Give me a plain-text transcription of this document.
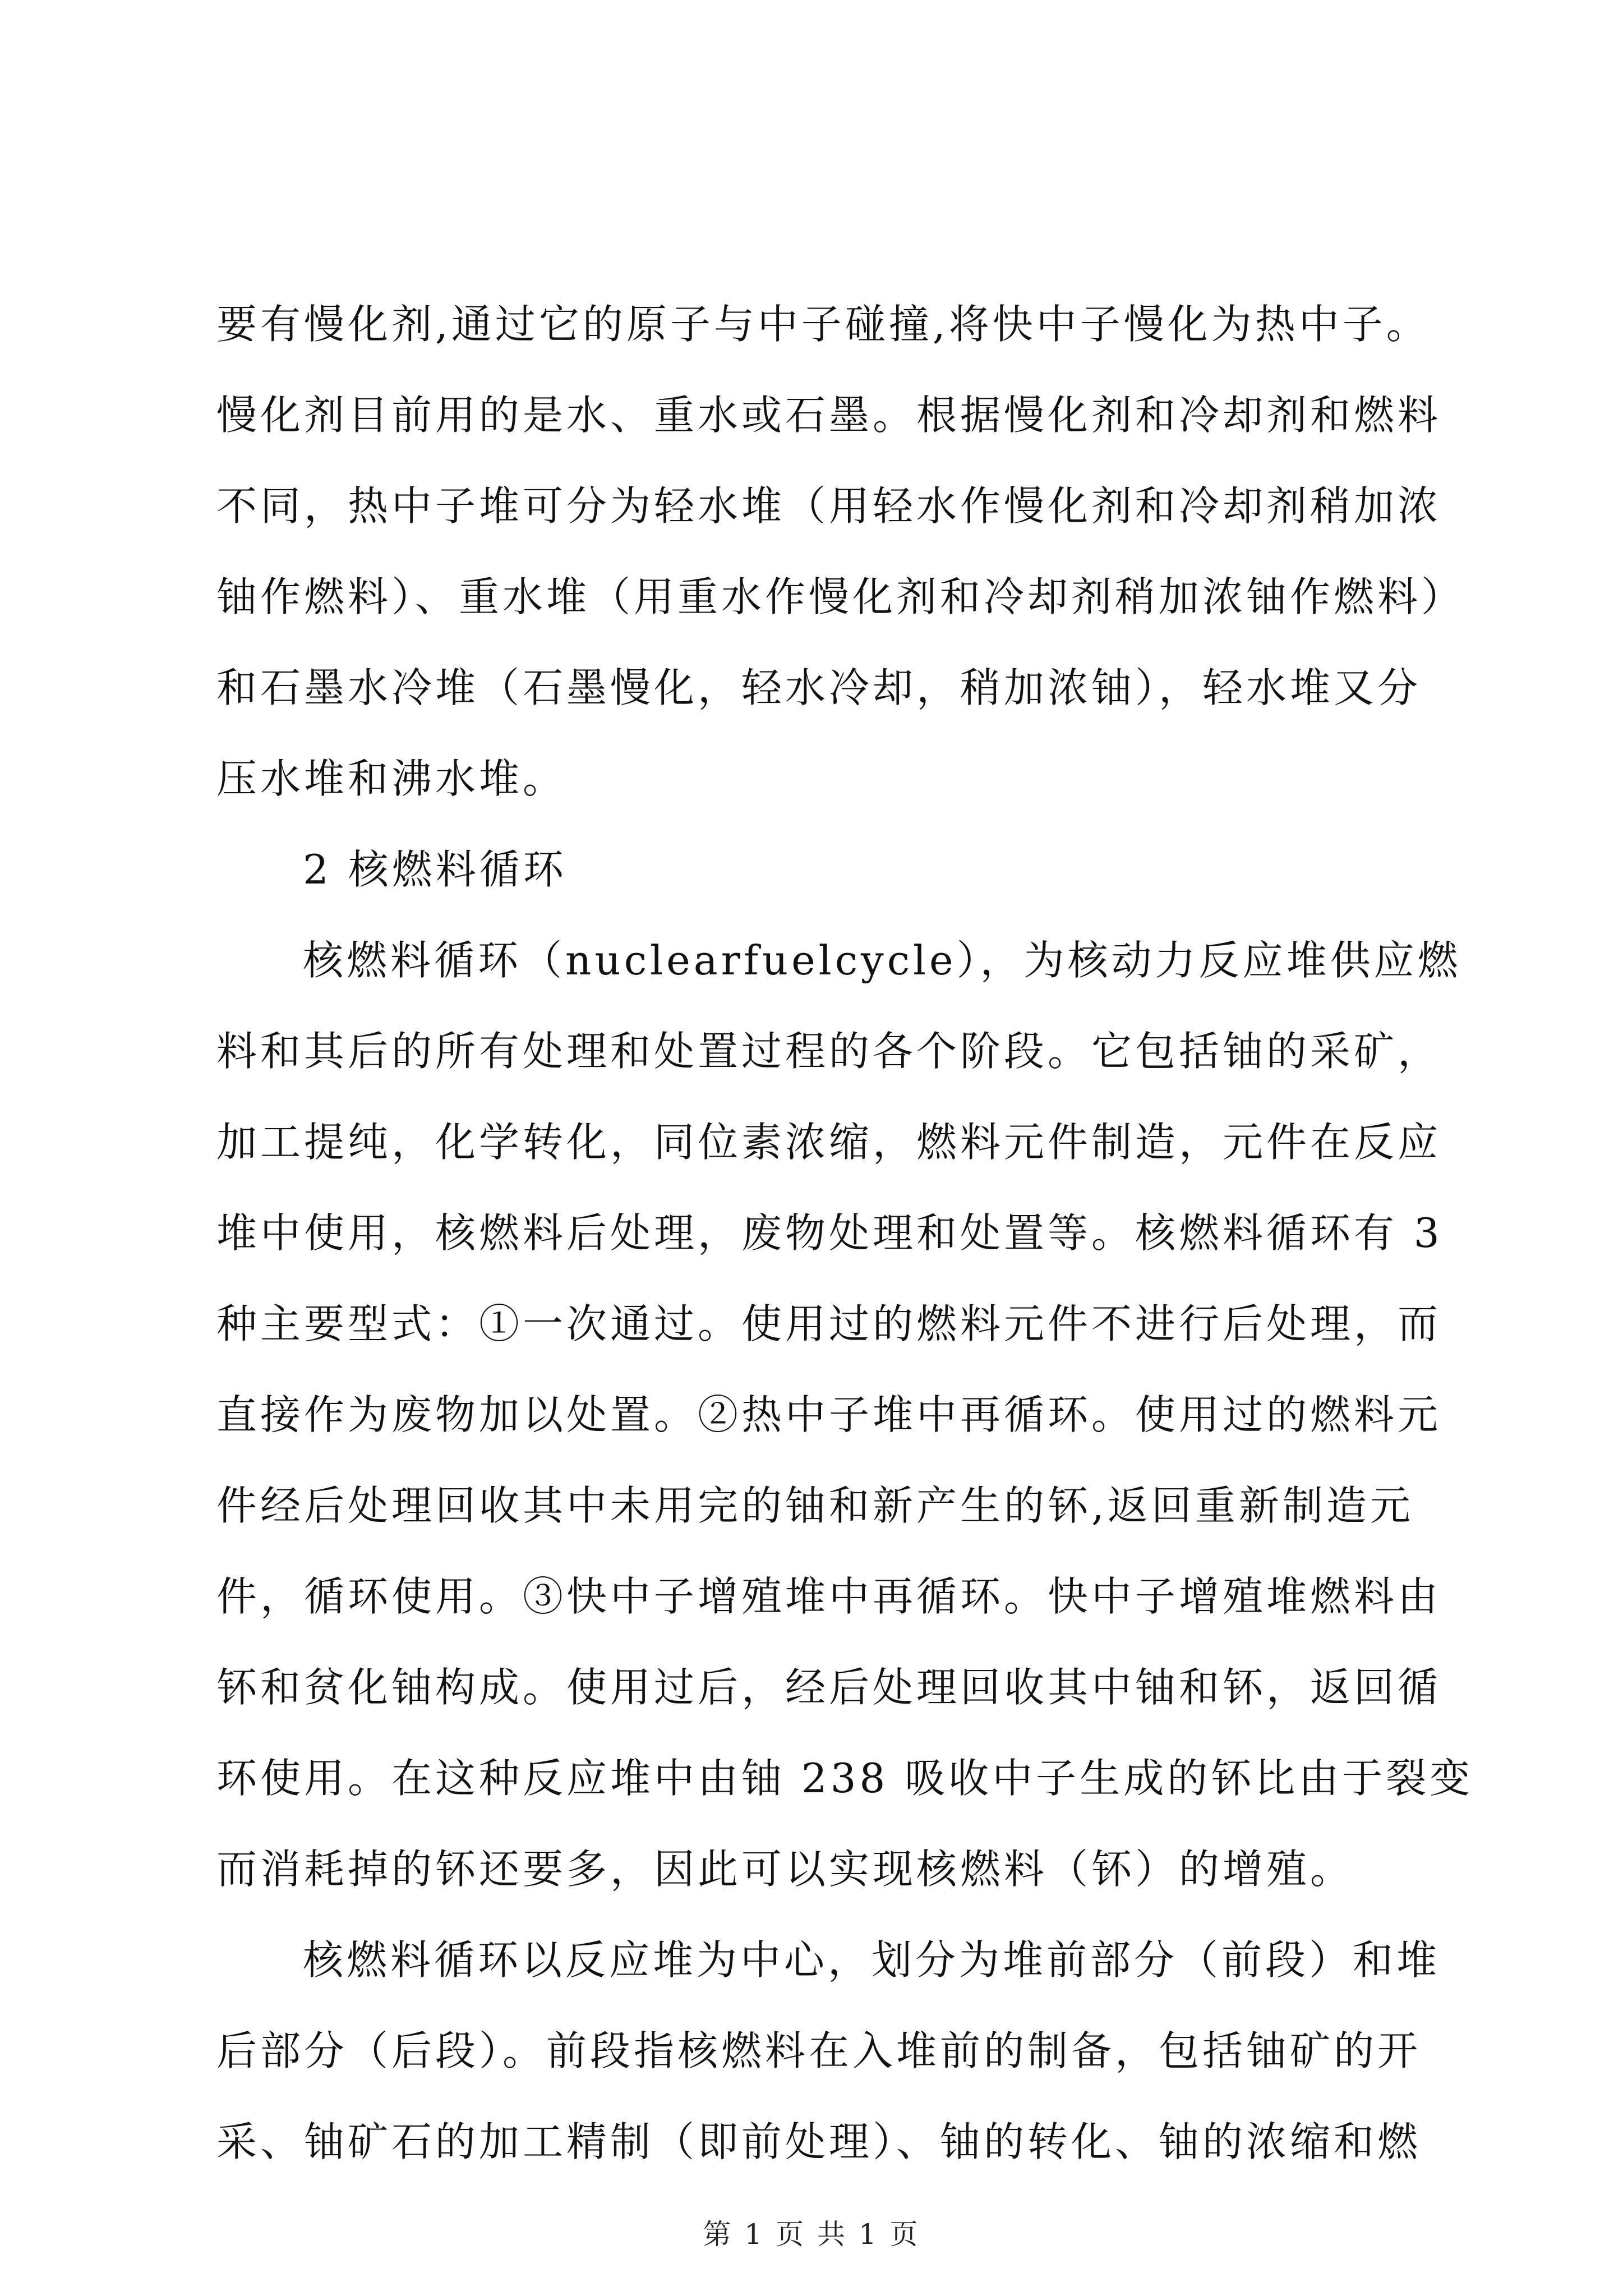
要有慢化剂,通过它的原子与中子碰撞,将快中子慢化为热中子。
慢化剂目前用的是水、重水或石墨。根据慢化剂和冷却剂和燃料
不同，热中子堆可分为轻水堆（用轻水作慢化剂和冷却剂稍加浓
铀作燃料）、重水堆（用重水作慢化剂和冷却剂稍加浓铀作燃料）
和石墨水冷堆（石墨慢化，轻水冷却，稍加浓铀），轻水堆又分
压水堆和沸水堆。
2 核燃料循环
核燃料循环（nuclearfuelcycle），为核动力反应堆供应燃
料和其后的所有处理和处置过程的各个阶段。它包括铀的采矿，
加工提纯，化学转化，同位素浓缩，燃料元件制造，元件在反应
堆中使用，核燃料后处理，废物处理和处置等。核燃料循环有 3
种主要型式：①一次通过。使用过的燃料元件不进行后处理，而
直接作为废物加以处置。②热中子堆中再循环。使用过的燃料元
件经后处理回收其中未用完的铀和新产生的钚,返回重新制造元
件，循环使用。③快中子增殖堆中再循环。快中子增殖堆燃料由
钚和贫化铀构成。使用过后，经后处理回收其中铀和钚，返回循
环使用。在这种反应堆中由铀 238 吸收中子生成的钚比由于裂变
而消耗掉的钚还要多，因此可以实现核燃料（钚）的增殖。
核燃料循环以反应堆为中心，划分为堆前部分（前段）和堆
后部分（后段）。前段指核燃料在入堆前的制备，包括铀矿的开
采、铀矿石的加工精制（即前处理）、铀的转化、铀的浓缩和燃
第 1 页 共 1 页
